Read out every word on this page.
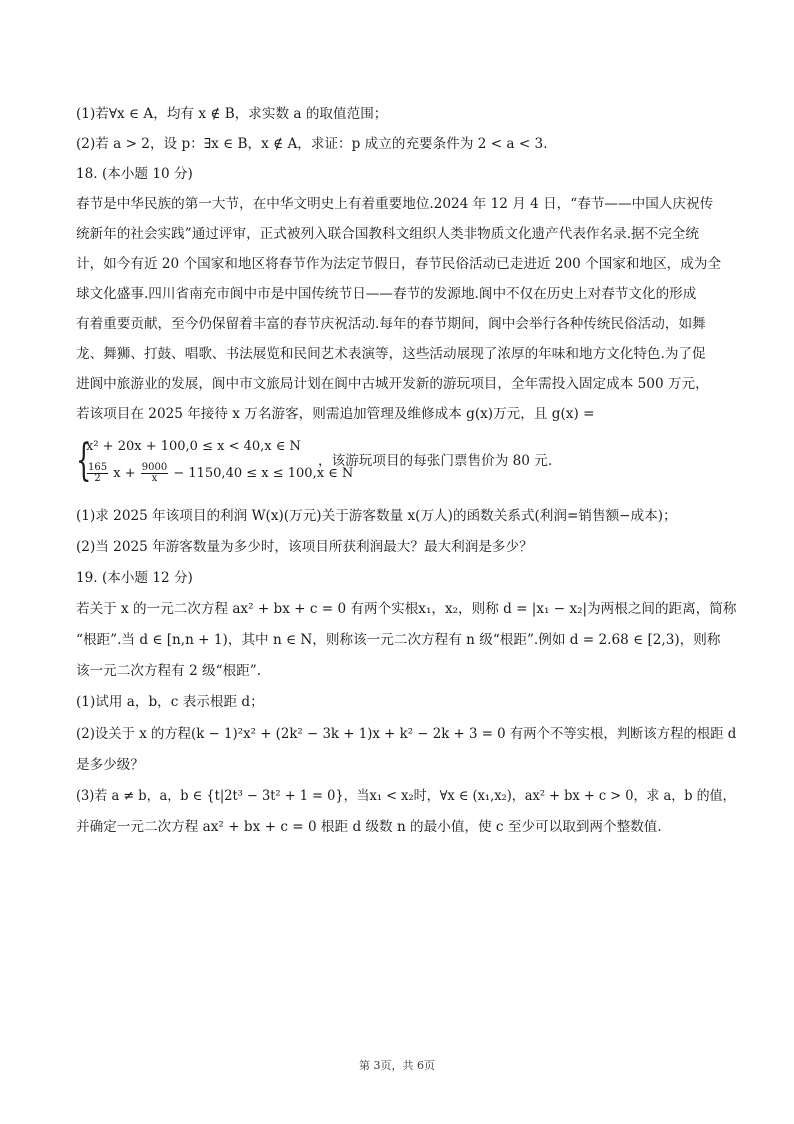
(1)若∀x ∈ A，均有 x ∉ B，求实数 a 的取值范围；
(2)若 a > 2，设 p：∃x ∈ B，x ∉ A，求证：p 成立的充要条件为 2 < a < 3.
18. (本小题 10 分)
春节是中华民族的第一大节，在中华文明史上有着重要地位.2024 年 12 月 4 日，“春节——中国人庆祝传
统新年的社会实践”通过评审，正式被列入联合国教科文组织人类非物质文化遗产代表作名录.据不完全统
计，如今有近 20 个国家和地区将春节作为法定节假日，春节民俗活动已走进近 200 个国家和地区，成为全
球文化盛事.四川省南充市阆中市是中国传统节日——春节的发源地.阆中不仅在历史上对春节文化的形成
有着重要贡献，至今仍保留着丰富的春节庆祝活动.每年的春节期间，阆中会举行各种传统民俗活动，如舞
龙、舞狮、打鼓、唱歌、书法展览和民间艺术表演等，这些活动展现了浓厚的年味和地方文化特色.为了促
进阆中旅游业的发展，阆中市文旅局计划在阆中古城开发新的游玩项目，全年需投入固定成本 500 万元，
若该项目在 2025 年接待 x 万名游客，则需追加管理及维修成本 g(x)万元，且 g(x) =
{
x² + 20x + 100,0 ≤ x < 40,x ∈ N
$\frac{165}{2}$ $x + \frac{9000}{x} - 1150,40 \le x \le 100,x$ ∈ N
，该游玩项目的每张门票售价为 80 元.
(1)求 2025 年该项目的利润 W(x)(万元)关于游客数量 x(万人)的函数关系式(利润=销售额−成本)；
(2)当 2025 年游客数量为多少时，该项目所获利润最大？最大利润是多少？
19. (本小题 12 分)
若关于 x 的一元二次方程 ax² + bx + c = 0 有两个实根x₁，x₂，则称 d = |x₁ − x₂|为两根之间的距离，简称
“根距”.当 d ∈ [n,n + 1)，其中 n ∈ N，则称该一元二次方程有 n 级“根距”.例如 d = 2.68 ∈ [2,3)，则称
该一元二次方程有 2 级“根距”.
(1)试用 a，b，c 表示根距 d；
(2)设关于 x 的方程(k − 1)²x² + (2k² − 3k + 1)x + k² − 2k + 3 = 0 有两个不等实根，判断该方程的根距 d
是多少级？
(3)若 a ≠ b，a，b ∈ {t|2t³ − 3t² + 1 = 0}，当x₁ < x₂时，∀x ∈ (x₁,x₂)，ax² + bx + c > 0，求 a，b 的值，
并确定一元二次方程 ax² + bx + c = 0 根距 d 级数 n 的最小值，使 c 至少可以取到两个整数值.
第 3页，共 6页
